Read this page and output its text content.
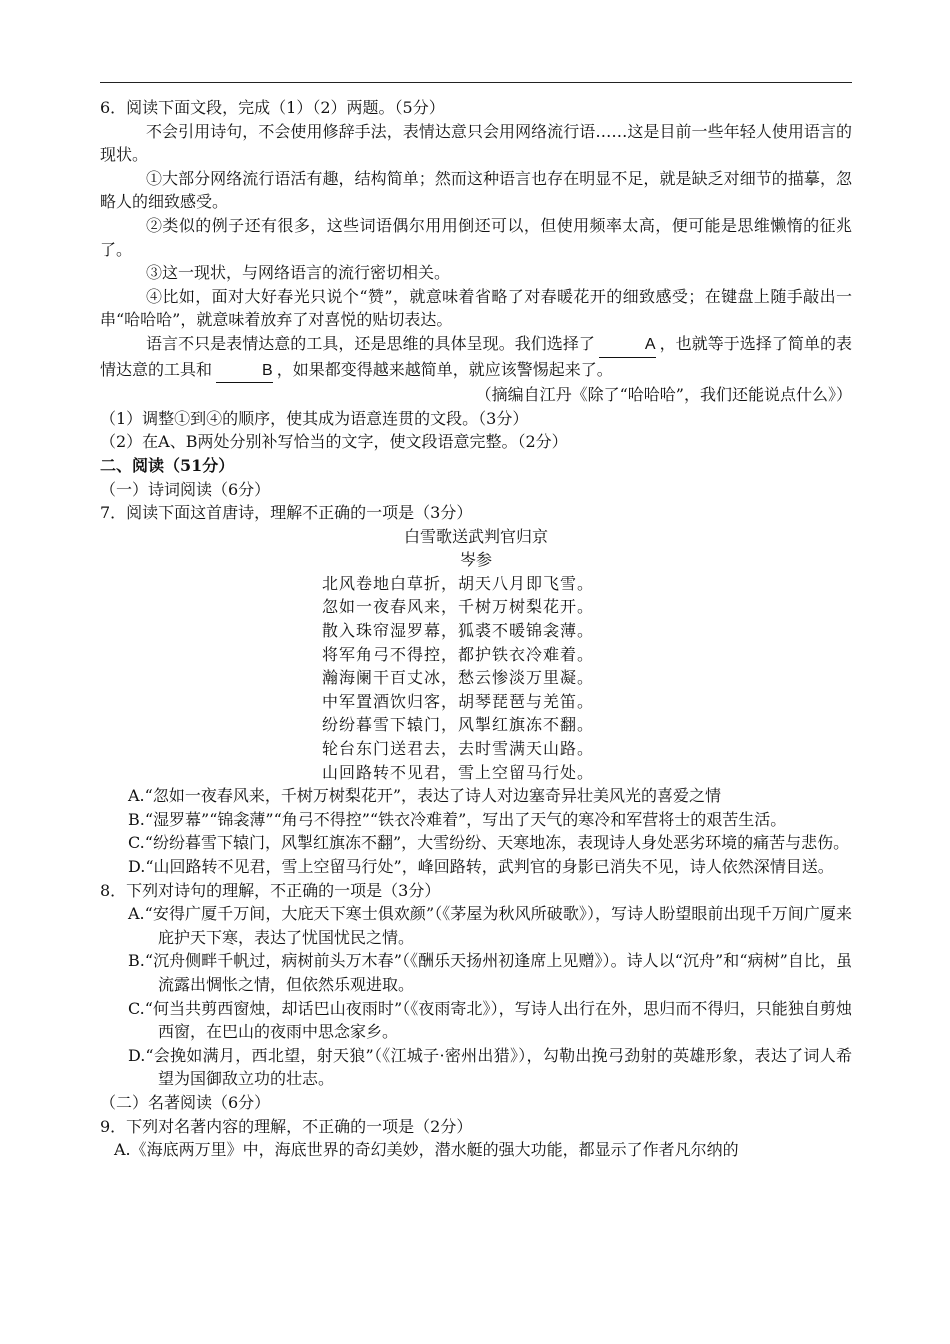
6．阅读下面文段，完成（1）（2）两题。（5分）

不会引用诗句，不会使用修辞手法，表情达意只会用网络流行语……这是目前一些年轻人使用语言的现状。

①大部分网络流行语活有趣，结构简单；然而这种语言也存在明显不足，就是缺乏对细节的描摹，忽略人的细致感受。

②类似的例子还有很多，这些词语偶尔用用倒还可以，但使用频率太高，便可能是思维懒惰的征兆了。

③这一现状，与网络语言的流行密切相关。

④比如，面对大好春光只说个“赞”，就意味着省略了对春暖花开的细致感受；在键盘上随手敲出一串“哈哈哈”，就意味着放弃了对喜悦的贴切表达。

语言不只是表情达意的工具，还是思维的具体呈现。我们选择了	A ，也就等于选择了简单的表情达意的工具和	B ，如果都变得越来越简单，就应该警惕起来了。

（摘编自江丹《除了“哈哈哈”，我们还能说点什么》）

（1）调整①到④的顺序，使其成为语意连贯的文段。（3分）

（2）在A、B两处分别补写恰当的文字，使文段语意完整。（2分）

二、阅读（51分）

（一）诗词阅读（6分）

7．阅读下面这首唐诗，理解不正确的一项是（3分）

白雪歌送武判官归京

岑参

北风卷地白草折，胡天八月即飞雪。

忽如一夜春风来，千树万树梨花开。

散入珠帘湿罗幕，狐裘不暖锦衾薄。

将军角弓不得控，都护铁衣冷难着。

瀚海阑干百丈冰，愁云惨淡万里凝。

中军置酒饮归客，胡琴琵琶与羌笛。

纷纷暮雪下辕门，风掣红旗冻不翻。

轮台东门送君去，去时雪满天山路。

山回路转不见君，雪上空留马行处。

A.“忽如一夜春风来，千树万树梨花开”，表达了诗人对边塞奇异壮美风光的喜爱之情

B.“湿罗幕”“锦衾薄”“角弓不得控”“铁衣冷难着”，写出了天气的寒冷和军营将士的艰苦生活。

C.“纷纷暮雪下辕门，风掣红旗冻不翻”，大雪纷纷、天寒地冻，表现诗人身处恶劣环境的痛苦与悲伤。

D.“山回路转不见君，雪上空留马行处”，峰回路转，武判官的身影已消失不见，诗人依然深情目送。

8．下列对诗句的理解，不正确的一项是（3分）

A.“安得广厦千万间，大庇天下寒士俱欢颜”（《茅屋为秋风所破歌》），写诗人盼望眼前出现千万间广厦来庇护天下寒，表达了忧国忧民之情。

B.“沉舟侧畔千帆过，病树前头万木春”（《酬乐天扬州初逢席上见赠》）。诗人以“沉舟”和“病树”自比，虽流露出惆怅之情，但依然乐观进取。

C.“何当共剪西窗烛，却话巴山夜雨时”（《夜雨寄北》），写诗人出行在外，思归而不得归，只能独自剪烛西窗，在巴山的夜雨中思念家乡。

D.“会挽如满月，西北望，射天狼”（《江城子·密州出猎》），勾勒出挽弓劲射的英雄形象，表达了词人希望为国御敌立功的壮志。

（二）名著阅读（6分）

9．下列对名著内容的理解，不正确的一项是（2分）

A.《海底两万里》中，海底世界的奇幻美妙，潜水艇的强大功能，都显示了作者凡尔纳的
